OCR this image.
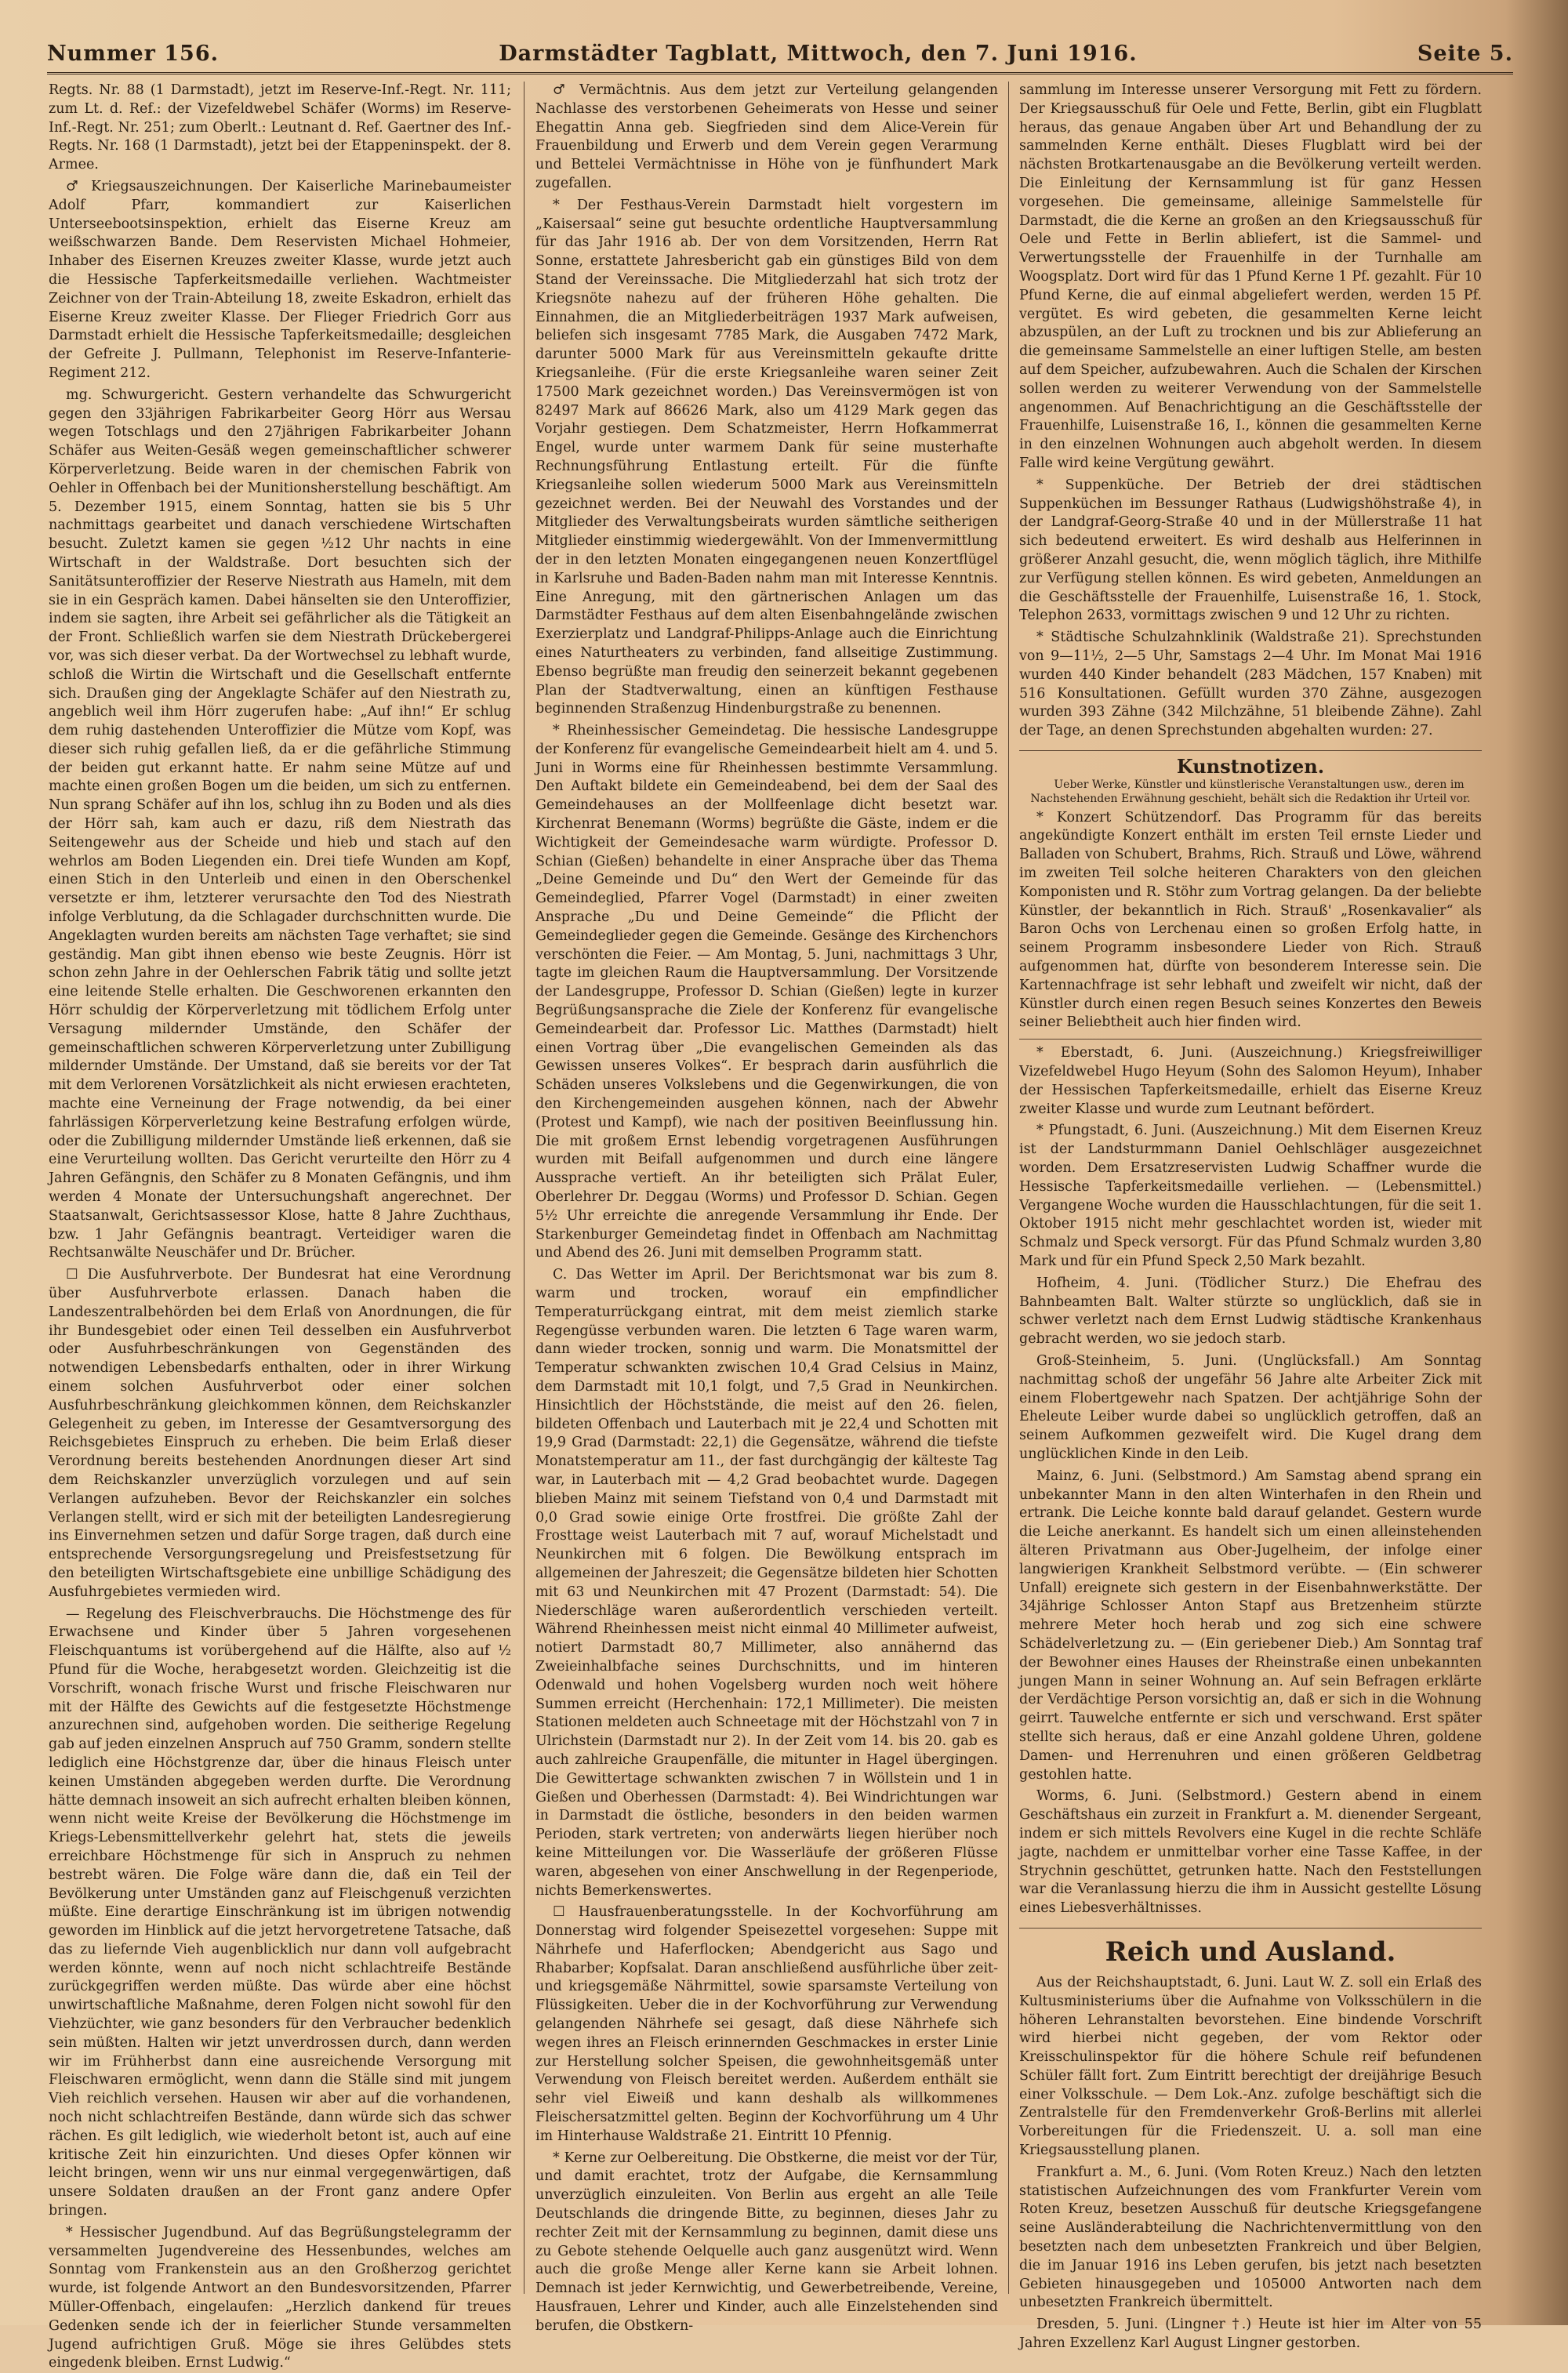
Nummer 156.	Darmstädter Tagblatt, Mittwoch, den 7. Juni 1916.	Seite 5.

Regts. Nr. 88 (1 Darmstadt), jetzt im Reserve-Inf.-Regt. Nr. 111; zum Lt. d. Ref.: der Vizefeldwebel Schäfer (Worms) im Reserve-Inf.-Regt. Nr. 251; zum Oberlt.: Leutnant d. Ref. Gaertner des Inf.-Regts. Nr. 168 (1 Darmstadt), jetzt bei der Etappeninspekt. der 8. Armee.

♂ Kriegsauszeichnungen. Der Kaiserliche Marinebaumeister Adolf Pfarr, kommandiert zur Kaiserlichen Unterseebootsinspektion, erhielt das Eiserne Kreuz am weißschwarzen Bande. Dem Reservisten Michael Hohmeier, Inhaber des Eisernen Kreuzes zweiter Klasse, wurde jetzt auch die Hessische Tapferkeitsmedaille verliehen. Wachtmeister Zeichner von der Train-Abteilung 18, zweite Eskadron, erhielt das Eiserne Kreuz zweiter Klasse. Der Flieger Friedrich Gorr aus Darmstadt erhielt die Hessische Tapferkeitsmedaille; desgleichen der Gefreite J. Pullmann, Telephonist im Reserve-Infanterie-Regiment 212.

mg. Schwurgericht. Gestern verhandelte das Schwurgericht gegen den 33jährigen Fabrikarbeiter Georg Hörr aus Wersau wegen Totschlags und den 27jährigen Fabrikarbeiter Johann Schäfer aus Weiten-Gesäß wegen gemeinschaftlicher schwerer Körperverletzung. Beide waren in der chemischen Fabrik von Oehler in Offenbach bei der Munitionsherstellung beschäftigt. Am 5. Dezember 1915, einem Sonntag, hatten sie bis 5 Uhr nachmittags gearbeitet und danach verschiedene Wirtschaften besucht. Zuletzt kamen sie gegen ½12 Uhr nachts in eine Wirtschaft in der Waldstraße. Dort besuchten sich der Sanitätsunteroffizier der Reserve Niestrath aus Hameln, mit dem sie in ein Gespräch kamen. Dabei hänselten sie den Unteroffizier, indem sie sagten, ihre Arbeit sei gefährlicher als die Tätigkeit an der Front. Schließlich warfen sie dem Niestrath Drückebergerei vor, was sich dieser verbat. Da der Wortwechsel zu lebhaft wurde, schloß die Wirtin die Wirtschaft und die Gesellschaft entfernte sich. Draußen ging der Angeklagte Schäfer auf den Niestrath zu, angeblich weil ihm Hörr zugerufen habe: „Auf ihn!“ Er schlug dem ruhig dastehenden Unteroffizier die Mütze vom Kopf, was dieser sich ruhig gefallen ließ, da er die gefährliche Stimmung der beiden gut erkannt hatte. Er nahm seine Mütze auf und machte einen großen Bogen um die beiden, um sich zu entfernen. Nun sprang Schäfer auf ihn los, schlug ihn zu Boden und als dies der Hörr sah, kam auch er dazu, riß dem Niestrath das Seitengewehr aus der Scheide und hieb und stach auf den wehrlos am Boden Liegenden ein. Drei tiefe Wunden am Kopf, einen Stich in den Unterleib und einen in den Oberschenkel versetzte er ihm, letzterer verursachte den Tod des Niestrath infolge Verblutung, da die Schlagader durchschnitten wurde. Die Angeklagten wurden bereits am nächsten Tage verhaftet; sie sind geständig. Man gibt ihnen ebenso wie beste Zeugnis. Hörr ist schon zehn Jahre in der Oehlerschen Fabrik tätig und sollte jetzt eine leitende Stelle erhalten. Die Geschworenen erkannten den Hörr schuldig der Körperverletzung mit tödlichem Erfolg unter Versagung mildernder Umstände, den Schäfer der gemeinschaftlichen schweren Körperverletzung unter Zubilligung mildernder Umstände. Der Umstand, daß sie bereits vor der Tat mit dem Verlorenen Vorsätzlichkeit als nicht erwiesen erachteten, machte eine Verneinung der Frage notwendig, da bei einer fahrlässigen Körperverletzung keine Bestrafung erfolgen würde, oder die Zubilligung mildernder Umstände ließ erkennen, daß sie eine Verurteilung wollten. Das Gericht verurteilte den Hörr zu 4 Jahren Gefängnis, den Schäfer zu 8 Monaten Gefängnis, und ihm werden 4 Monate der Untersuchungshaft angerechnet. Der Staatsanwalt, Gerichtsassessor Klose, hatte 8 Jahre Zuchthaus, bzw. 1 Jahr Gefängnis beantragt. Verteidiger waren die Rechtsanwälte Neuschäfer und Dr. Brücher.

☐ Die Ausfuhrverbote. Der Bundesrat hat eine Verordnung über Ausfuhrverbote erlassen. Danach haben die Landeszentralbehörden bei dem Erlaß von Anordnungen, die für ihr Bundesgebiet oder einen Teil desselben ein Ausfuhrverbot oder Ausfuhrbeschränkungen von Gegenständen des notwendigen Lebensbedarfs enthalten, oder in ihrer Wirkung einem solchen Ausfuhrverbot oder einer solchen Ausfuhrbeschränkung gleichkommen können, dem Reichskanzler Gelegenheit zu geben, im Interesse der Gesamtversorgung des Reichsgebietes Einspruch zu erheben. Die beim Erlaß dieser Verordnung bereits bestehenden Anordnungen dieser Art sind dem Reichskanzler unverzüglich vorzulegen und auf sein Verlangen aufzuheben. Bevor der Reichskanzler ein solches Verlangen stellt, wird er sich mit der beteiligten Landesregierung ins Einvernehmen setzen und dafür Sorge tragen, daß durch eine entsprechende Versorgungsregelung und Preisfestsetzung für den beteiligten Wirtschaftsgebiete eine unbillige Schädigung des Ausfuhrgebietes vermieden wird.

— Regelung des Fleischverbrauchs. Die Höchstmenge des für Erwachsene und Kinder über 5 Jahren vorgesehenen Fleischquantums ist vorübergehend auf die Hälfte, also auf ½ Pfund für die Woche, herabgesetzt worden. Gleichzeitig ist die Vorschrift, wonach frische Wurst und frische Fleischwaren nur mit der Hälfte des Gewichts auf die festgesetzte Höchstmenge anzurechnen sind, aufgehoben worden. Die seitherige Regelung gab auf jeden einzelnen Anspruch auf 750 Gramm, sondern stellte lediglich eine Höchstgrenze dar, über die hinaus Fleisch unter keinen Umständen abgegeben werden durfte. Die Verordnung hätte demnach insoweit an sich aufrecht erhalten bleiben können, wenn nicht weite Kreise der Bevölkerung die Höchstmenge im Kriegs-Lebensmittellverkehr gelehrt hat, stets die jeweils erreichbare Höchstmenge für sich in Anspruch zu nehmen bestrebt wären. Die Folge wäre dann die, daß ein Teil der Bevölkerung unter Umständen ganz auf Fleischgenuß verzichten müßte. Eine derartige Einschränkung ist im übrigen notwendig geworden im Hinblick auf die jetzt hervorgetretene Tatsache, daß das zu liefernde Vieh augenblicklich nur dann voll aufgebracht werden könnte, wenn auf noch nicht schlachtreife Bestände zurückgegriffen werden müßte. Das würde aber eine höchst unwirtschaftliche Maßnahme, deren Folgen nicht sowohl für den Viehzüchter, wie ganz besonders für den Verbraucher bedenklich sein müßten. Halten wir jetzt unverdrossen durch, dann werden wir im Frühherbst dann eine ausreichende Versorgung mit Fleischwaren ermöglicht, wenn dann die Ställe sind mit jungem Vieh reichlich versehen. Hausen wir aber auf die vorhandenen, noch nicht schlachtreifen Bestände, dann würde sich das schwer rächen. Es gilt lediglich, wie wiederholt betont ist, auch auf eine kritische Zeit hin einzurichten. Und dieses Opfer können wir leicht bringen, wenn wir uns nur einmal vergegenwärtigen, daß unsere Soldaten draußen an der Front ganz andere Opfer bringen.

* Hessischer Jugendbund. Auf das Begrüßungstelegramm der versammelten Jugendvereine des Hessenbundes, welches am Sonntag vom Frankenstein aus an den Großherzog gerichtet wurde, ist folgende Antwort an den Bundesvorsitzenden, Pfarrer Müller-Offenbach, eingelaufen: „Herzlich dankend für treues Gedenken sende ich der in feierlicher Stunde versammelten Jugend aufrichtigen Gruß. Möge sie ihres Gelübdes stets eingedenk bleiben. Ernst Ludwig.“

♂ Vermächtnis. Aus dem jetzt zur Verteilung gelangenden Nachlasse des verstorbenen Geheimerats von Hesse und seiner Ehegattin Anna geb. Siegfrieden sind dem Alice-Verein für Frauenbildung und Erwerb und dem Verein gegen Verarmung und Bettelei Vermächtnisse in Höhe von je fünfhundert Mark zugefallen.

* Der Festhaus-Verein Darmstadt hielt vorgestern im „Kaisersaal“ seine gut besuchte ordentliche Hauptversammlung für das Jahr 1916 ab. Der von dem Vorsitzenden, Herrn Rat Sonne, erstattete Jahresbericht gab ein günstiges Bild von dem Stand der Vereinssache. Die Mitgliederzahl hat sich trotz der Kriegsnöte nahezu auf der früheren Höhe gehalten. Die Einnahmen, die an Mitgliederbeiträgen 1937 Mark aufweisen, beliefen sich insgesamt 7785 Mark, die Ausgaben 7472 Mark, darunter 5000 Mark für aus Vereinsmitteln gekaufte dritte Kriegsanleihe. (Für die erste Kriegsanleihe waren seiner Zeit 17500 Mark gezeichnet worden.) Das Vereinsvermögen ist von 82497 Mark auf 86626 Mark, also um 4129 Mark gegen das Vorjahr gestiegen. Dem Schatzmeister, Herrn Hofkammerrat Engel, wurde unter warmem Dank für seine musterhafte Rechnungsführung Entlastung erteilt. Für die fünfte Kriegsanleihe sollen wiederum 5000 Mark aus Vereinsmitteln gezeichnet werden. Bei der Neuwahl des Vorstandes und der Mitglieder des Verwaltungsbeirats wurden sämtliche seitherigen Mitglieder einstimmig wiedergewählt. Von der Immenvermittlung der in den letzten Monaten eingegangenen neuen Konzertflügel in Karlsruhe und Baden-Baden nahm man mit Interesse Kenntnis. Eine Anregung, mit den gärtnerischen Anlagen um das Darmstädter Festhaus auf dem alten Eisenbahngelände zwischen Exerzierplatz und Landgraf-Philipps-Anlage auch die Einrichtung eines Naturtheaters zu verbinden, fand allseitige Zustimmung. Ebenso begrüßte man freudig den seinerzeit bekannt gegebenen Plan der Stadtverwaltung, einen an künftigen Festhause beginnenden Straßenzug Hindenburgstraße zu benennen.

* Rheinhessischer Gemeindetag. Die hessische Landesgruppe der Konferenz für evangelische Gemeindearbeit hielt am 4. und 5. Juni in Worms eine für Rheinhessen bestimmte Versammlung. Den Auftakt bildete ein Gemeindeabend, bei dem der Saal des Gemeindehauses an der Mollfeenlage dicht besetzt war. Kirchenrat Benemann (Worms) begrüßte die Gäste, indem er die Wichtigkeit der Gemeindesache warm würdigte. Professor D. Schian (Gießen) behandelte in einer Ansprache über das Thema „Deine Gemeinde und Du“ den Wert der Gemeinde für das Gemeindeglied, Pfarrer Vogel (Darmstadt) in einer zweiten Ansprache „Du und Deine Gemeinde“ die Pflicht der Gemeindeglieder gegen die Gemeinde. Gesänge des Kirchenchors verschönten die Feier. — Am Montag, 5. Juni, nachmittags 3 Uhr, tagte im gleichen Raum die Hauptversammlung. Der Vorsitzende der Landesgruppe, Professor D. Schian (Gießen) legte in kurzer Begrüßungsansprache die Ziele der Konferenz für evangelische Gemeindearbeit dar. Professor Lic. Matthes (Darmstadt) hielt einen Vortrag über „Die evangelischen Gemeinden als das Gewissen unseres Volkes“. Er besprach darin ausführlich die Schäden unseres Volkslebens und die Gegenwirkungen, die von den Kirchengemeinden ausgehen können, nach der Abwehr (Protest und Kampf), wie nach der positiven Beeinflussung hin. Die mit großem Ernst lebendig vorgetragenen Ausführungen wurden mit Beifall aufgenommen und durch eine längere Aussprache vertieft. An ihr beteiligten sich Prälat Euler, Oberlehrer Dr. Deggau (Worms) und Professor D. Schian. Gegen 5½ Uhr erreichte die anregende Versammlung ihr Ende. Der Starkenburger Gemeindetag findet in Offenbach am Nachmittag und Abend des 26. Juni mit demselben Programm statt.

C. Das Wetter im April. Der Berichtsmonat war bis zum 8. warm und trocken, worauf ein empfindlicher Temperaturrückgang eintrat, mit dem meist ziemlich starke Regengüsse verbunden waren. Die letzten 6 Tage waren warm, dann wieder trocken, sonnig und warm. Die Monatsmittel der Temperatur schwankten zwischen 10,4 Grad Celsius in Mainz, dem Darmstadt mit 10,1 folgt, und 7,5 Grad in Neunkirchen. Hinsichtlich der Höchststände, die meist auf den 26. fielen, bildeten Offenbach und Lauterbach mit je 22,4 und Schotten mit 19,9 Grad (Darmstadt: 22,1) die Gegensätze, während die tiefste Monatstemperatur am 11., der fast durchgängig der kälteste Tag war, in Lauterbach mit — 4,2 Grad beobachtet wurde. Dagegen blieben Mainz mit seinem Tiefstand von 0,4 und Darmstadt mit 0,0 Grad sowie einige Orte frostfrei. Die größte Zahl der Frosttage weist Lauterbach mit 7 auf, worauf Michelstadt und Neunkirchen mit 6 folgen. Die Bewölkung entsprach im allgemeinen der Jahreszeit; die Gegensätze bildeten hier Schotten mit 63 und Neunkirchen mit 47 Prozent (Darmstadt: 54). Die Niederschläge waren außerordentlich verschieden verteilt. Während Rheinhessen meist nicht einmal 40 Millimeter aufweist, notiert Darmstadt 80,7 Millimeter, also annähernd das Zweieinhalbfache seines Durchschnitts, und im hinteren Odenwald und hohen Vogelsberg wurden noch weit höhere Summen erreicht (Herchenhain: 172,1 Millimeter). Die meisten Stationen meldeten auch Schneetage mit der Höchstzahl von 7 in Ulrichstein (Darmstadt nur 2). In der Zeit vom 14. bis 20. gab es auch zahlreiche Graupenfälle, die mitunter in Hagel übergingen. Die Gewittertage schwankten zwischen 7 in Wöllstein und 1 in Gießen und Oberhessen (Darmstadt: 4). Bei Windrichtungen war in Darmstadt die östliche, besonders in den beiden warmen Perioden, stark vertreten; von anderwärts liegen hierüber noch keine Mitteilungen vor. Die Wasserläufe der größeren Flüsse waren, abgesehen von einer Anschwellung in der Regenperiode, nichts Bemerkenswertes.

☐ Hausfrauenberatungsstelle. In der Kochvorführung am Donnerstag wird folgender Speisezettel vorgesehen: Suppe mit Nährhefe und Haferflocken; Abendgericht aus Sago und Rhabarber; Kopfsalat. Daran anschließend ausführliche über zeit- und kriegsgemäße Nährmittel, sowie sparsamste Verteilung von Flüssigkeiten. Ueber die in der Kochvorführung zur Verwendung gelangenden Nährhefe sei gesagt, daß diese Nährhefe sich wegen ihres an Fleisch erinnernden Geschmackes in erster Linie zur Herstellung solcher Speisen, die gewohnheitsgemäß unter Verwendung von Fleisch bereitet werden. Außerdem enthält sie sehr viel Eiweiß und kann deshalb als willkommenes Fleischersatzmittel gelten. Beginn der Kochvorführung um 4 Uhr im Hinterhause Waldstraße 21. Eintritt 10 Pfennig.

* Kerne zur Oelbereitung. Die Obstkerne, die meist vor der Tür, und damit erachtet, trotz der Aufgabe, die Kernsammlung unverzüglich einzuleiten. Von Berlin aus ergeht an alle Teile Deutschlands die dringende Bitte, zu beginnen, dieses Jahr zu rechter Zeit mit der Kernsammlung zu beginnen, damit diese uns zu Gebote stehende Oelquelle auch ganz ausgenützt wird. Wenn auch die große Menge aller Kerne kann sie Arbeit lohnen. Demnach ist jeder Kernwichtig, und Gewerbetreibende, Vereine, Hausfrauen, Lehrer und Kinder, auch alle Einzelstehenden sind berufen, die Obstkern-

sammlung im Interesse unserer Versorgung mit Fett zu fördern. Der Kriegsausschuß für Oele und Fette, Berlin, gibt ein Flugblatt heraus, das genaue Angaben über Art und Behandlung der zu sammelnden Kerne enthält. Dieses Flugblatt wird bei der nächsten Brotkartenausgabe an die Bevölkerung verteilt werden. Die Einleitung der Kernsammlung ist für ganz Hessen vorgesehen. Die gemeinsame, alleinige Sammelstelle für Darmstadt, die die Kerne an großen an den Kriegsausschuß für Oele und Fette in Berlin abliefert, ist die Sammel- und Verwertungsstelle der Frauenhilfe in der Turnhalle am Woogsplatz. Dort wird für das 1 Pfund Kerne 1 Pf. gezahlt. Für 10 Pfund Kerne, die auf einmal abgeliefert werden, werden 15 Pf. vergütet. Es wird gebeten, die gesammelten Kerne leicht abzuspülen, an der Luft zu trocknen und bis zur Ablieferung an die gemeinsame Sammelstelle an einer luftigen Stelle, am besten auf dem Speicher, aufzubewahren. Auch die Schalen der Kirschen sollen werden zu weiterer Verwendung von der Sammelstelle angenommen. Auf Benachrichtigung an die Geschäftsstelle der Frauenhilfe, Luisenstraße 16, I., können die gesammelten Kerne in den einzelnen Wohnungen auch abgeholt werden. In diesem Falle wird keine Vergütung gewährt.

* Suppenküche. Der Betrieb der drei städtischen Suppenküchen im Bessunger Rathaus (Ludwigshöhstraße 4), in der Landgraf-Georg-Straße 40 und in der Müllerstraße 11 hat sich bedeutend erweitert. Es wird deshalb aus Helferinnen in größerer Anzahl gesucht, die, wenn möglich täglich, ihre Mithilfe zur Verfügung stellen können. Es wird gebeten, Anmeldungen an die Geschäftsstelle der Frauenhilfe, Luisenstraße 16, 1. Stock, Telephon 2633, vormittags zwischen 9 und 12 Uhr zu richten.

* Städtische Schulzahnklinik (Waldstraße 21). Sprechstunden von 9—11½, 2—5 Uhr, Samstags 2—4 Uhr. Im Monat Mai 1916 wurden 440 Kinder behandelt (283 Mädchen, 157 Knaben) mit 516 Konsultationen. Gefüllt wurden 370 Zähne, ausgezogen wurden 393 Zähne (342 Milchzähne, 51 bleibende Zähne). Zahl der Tage, an denen Sprechstunden abgehalten wurden: 27.

Kunstnotizen.

Ueber Werke, Künstler und künstlerische Veranstaltungen usw., deren im Nachstehenden Erwähnung geschieht, behält sich die Redaktion ihr Urteil vor.

* Konzert Schützendorf. Das Programm für das bereits angekündigte Konzert enthält im ersten Teil ernste Lieder und Balladen von Schubert, Brahms, Rich. Strauß und Löwe, während im zweiten Teil solche heiteren Charakters von den gleichen Komponisten und R. Stöhr zum Vortrag gelangen. Da der beliebte Künstler, der bekanntlich in Rich. Strauß' „Rosenkavalier“ als Baron Ochs von Lerchenau einen so großen Erfolg hatte, in seinem Programm insbesondere Lieder von Rich. Strauß aufgenommen hat, dürfte von besonderem Interesse sein. Die Kartennachfrage ist sehr lebhaft und zweifelt wir nicht, daß der Künstler durch einen regen Besuch seines Konzertes den Beweis seiner Beliebtheit auch hier finden wird.

* Eberstadt, 6. Juni. (Auszeichnung.) Kriegsfreiwilliger Vizefeldwebel Hugo Heyum (Sohn des Salomon Heyum), Inhaber der Hessischen Tapferkeitsmedaille, erhielt das Eiserne Kreuz zweiter Klasse und wurde zum Leutnant befördert.

* Pfungstadt, 6. Juni. (Auszeichnung.) Mit dem Eisernen Kreuz ist der Landsturmmann Daniel Oehlschläger ausgezeichnet worden. Dem Ersatzreservisten Ludwig Schaffner wurde die Hessische Tapferkeitsmedaille verliehen. — (Lebensmittel.) Vergangene Woche wurden die Hausschlachtungen, für die seit 1. Oktober 1915 nicht mehr geschlachtet worden ist, wieder mit Schmalz und Speck versorgt. Für das Pfund Schmalz wurden 3,80 Mark und für ein Pfund Speck 2,50 Mark bezahlt.

Hofheim, 4. Juni. (Tödlicher Sturz.) Die Ehefrau des Bahnbeamten Balt. Walter stürzte so unglücklich, daß sie in schwer verletzt nach dem Ernst Ludwig städtische Krankenhaus gebracht werden, wo sie jedoch starb.

Groß-Steinheim, 5. Juni. (Unglücksfall.) Am Sonntag nachmittag schoß der ungefähr 56 Jahre alte Arbeiter Zick mit einem Flobertgewehr nach Spatzen. Der achtjährige Sohn der Eheleute Leiber wurde dabei so unglücklich getroffen, daß an seinem Aufkommen gezweifelt wird. Die Kugel drang dem unglücklichen Kinde in den Leib.

Mainz, 6. Juni. (Selbstmord.) Am Samstag abend sprang ein unbekannter Mann in den alten Winterhafen in den Rhein und ertrank. Die Leiche konnte bald darauf gelandet. Gestern wurde die Leiche anerkannt. Es handelt sich um einen alleinstehenden älteren Privatmann aus Ober-Jugelheim, der infolge einer langwierigen Krankheit Selbstmord verübte. — (Ein schwerer Unfall) ereignete sich gestern in der Eisenbahnwerkstätte. Der 34jährige Schlosser Anton Stapf aus Bretzenheim stürzte mehrere Meter hoch herab und zog sich eine schwere Schädelverletzung zu. — (Ein geriebener Dieb.) Am Sonntag traf der Bewohner eines Hauses der Rheinstraße einen unbekannten jungen Mann in seiner Wohnung an. Auf sein Befragen erklärte der Verdächtige Person vorsichtig an, daß er sich in die Wohnung geirrt. Tauwelche entfernte er sich und verschwand. Erst später stellte sich heraus, daß er eine Anzahl goldene Uhren, goldene Damen- und Herrenuhren und einen größeren Geldbetrag gestohlen hatte.

Worms, 6. Juni. (Selbstmord.) Gestern abend in einem Geschäftshaus ein zurzeit in Frankfurt a. M. dienender Sergeant, indem er sich mittels Revolvers eine Kugel in die rechte Schläfe jagte, nachdem er unmittelbar vorher eine Tasse Kaffee, in der Strychnin geschüttet, getrunken hatte. Nach den Feststellungen war die Veranlassung hierzu die ihm in Aussicht gestellte Lösung eines Liebesverhältnisses.

Reich und Ausland.

Aus der Reichshauptstadt, 6. Juni. Laut W. Z. soll ein Erlaß des Kultusministeriums über die Aufnahme von Volksschülern in die höheren Lehranstalten bevorstehen. Eine bindende Vorschrift wird hierbei nicht gegeben, der vom Rektor oder Kreisschulinspektor für die höhere Schule reif befundenen Schüler fällt fort. Zum Eintritt berechtigt der dreijährige Besuch einer Volksschule. — Dem Lok.-Anz. zufolge beschäftigt sich die Zentralstelle für den Fremdenverkehr Groß-Berlins mit allerlei Vorbereitungen für die Friedenszeit. U. a. soll man eine Kriegsausstellung planen.

Frankfurt a. M., 6. Juni. (Vom Roten Kreuz.) Nach den letzten statistischen Aufzeichnungen des vom Frankfurter Verein vom Roten Kreuz, besetzen Ausschuß für deutsche Kriegsgefangene seine Ausländerabteilung die Nachrichtenvermittlung von den besetzten nach dem unbesetzten Frankreich und über Belgien, die im Januar 1916 ins Leben gerufen, bis jetzt nach besetzten Gebieten hinausgegeben und 105000 Antworten nach dem unbesetzten Frankreich übermittelt.

Dresden, 5. Juni. (Lingner †.) Heute ist hier im Alter von 55 Jahren Exzellenz Karl August Lingner gestorben.
